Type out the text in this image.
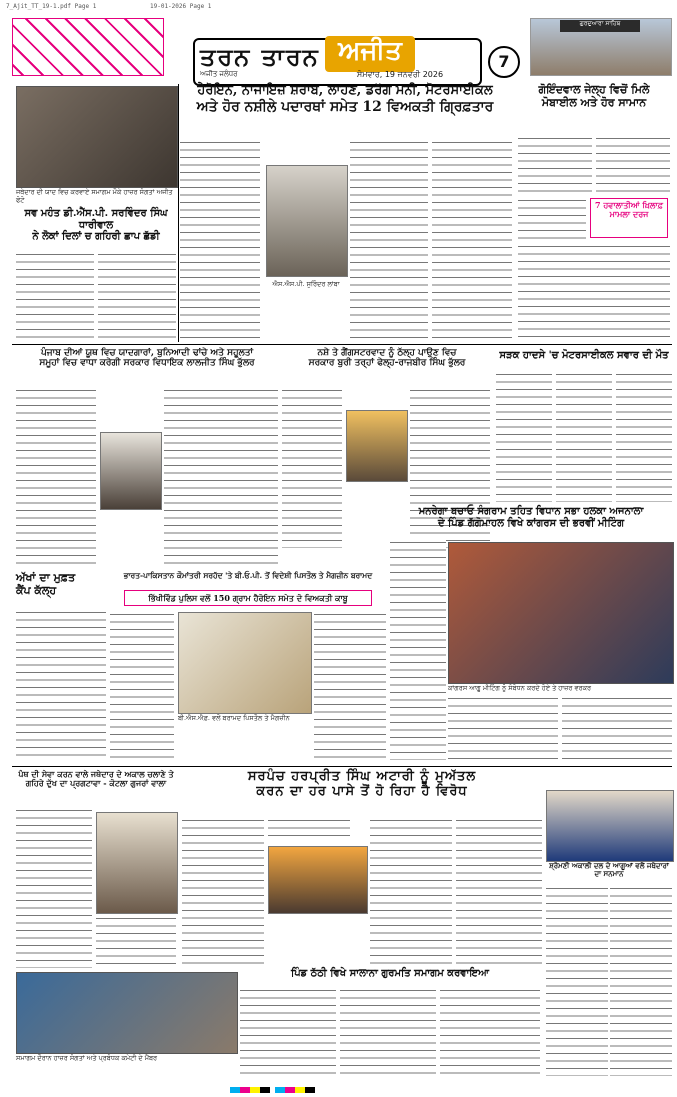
7_Ajit_TT_19-1.pdf Page 1	19-01-2026 Page 1
ਤਰਨ ਤਾਰਨ ਅਜੀਤ
ਅਜੀਤ ਜਲੰਧਰ	ਸੋਮਵਾਰ, 19 ਜਨਵਰੀ 2026
7
ਗੁਰਦੁਆਰਾ ਸਾਹਿਬ
ਜਥੇਦਾਰ ਦੀ ਯਾਦ ਵਿਚ ਕਰਵਾਏ ਸਮਾਗਮ ਮੌਕੇ ਹਾਜ਼ਰ ਸੰਗਤਾਂ ਅਜੀਤ ਫੋਟੋ
ਸਵ ਮਹੰਤ ਡੀ.ਐੱਸ.ਪੀ. ਸਰਵਿੰਦਰ ਸਿੰਘ ਧਾਰੀਵਾਲ
ਨੇ ਲੋਕਾਂ ਦਿਲਾਂ ਚ ਗਹਿਰੀ ਛਾਪ ਛੱਡੀ
ਹੈਰੋਇਨ, ਨਾਜਾਇਜ਼ ਸ਼ਰਾਬ, ਲਾਹਣ, ਡਰੱਗ ਮਨੀ, ਮੋਟਰਸਾਈਕਲ
ਅਤੇ ਹੋਰ ਨਸ਼ੀਲੇ ਪਦਾਰਥਾਂ ਸਮੇਤ 12 ਵਿਅਕਤੀ ਗ੍ਰਿਫ਼ਤਾਰ
ਐਸ.ਐਸ.ਪੀ. ਸੁਰਿੰਦਰ ਲਾਂਬਾ
ਗੋਇੰਦਵਾਲ ਜੇਲ੍ਹ ਵਿਚੋਂ ਮਿਲੇ
ਮੋਬਾਈਲ ਅਤੇ ਹੋਰ ਸਾਮਾਨ
7 ਹਵਾਲਾਤੀਆਂ ਖ਼ਿਲਾਫ਼ ਮਾਮਲਾ ਦਰਜ
ਪੰਜਾਬ ਦੀਆਂ ਯੂਥ ਵਿਚ ਯਾਦਗਾਰਾਂ, ਬੁਨਿਆਦੀ ਢਾਂਚੇ ਅਤੇ ਸਹੂਲਤਾਂ
ਸਮੂਹਾਂ ਵਿਚ ਵਾਧਾ ਕਰੇਗੀ ਸਰਕਾਰ ਵਿਧਾਇਕ ਲਾਲਜੀਤ ਸਿੰਘ ਭੁੱਲਰ
ਨਸ਼ੇ ਤੇ ਗੈਂਗਸਟਰਵਾਦ ਨੂੰ ਠੱਲ੍ਹ ਪਾਉਣ ਵਿਚ
ਸਰਕਾਰ ਬੁਰੀ ਤਰ੍ਹਾਂ ਫੇਲ੍ਹ-ਰਾਜਬੀਰ ਸਿੰਘ ਭੁੱਲਰ
ਸੜਕ ਹਾਦਸੇ 'ਚ ਮੋਟਰਸਾਈਕਲ ਸਵਾਰ ਦੀ ਮੌਤ
ਮਨਰੇਗਾ ਬਚਾਓ ਸੰਗਰਾਮ ਤਹਿਤ ਵਿਧਾਨ ਸਭਾ ਹਲਕਾ ਅਜਨਾਲਾ
ਦੇ ਪਿੰਡ ਗੱਗੋਮਾਹਲ ਵਿਖੇ ਕਾਂਗਰਸ ਦੀ ਭਰਵੀਂ ਮੀਟਿੰਗ
ਕਾਂਗਰਸ ਆਗੂ ਮੀਟਿੰਗ ਨੂੰ ਸੰਬੋਧਨ ਕਰਦੇ ਹੋਏ ਤੇ ਹਾਜ਼ਰ ਵਰਕਰ
ਅੱਖਾਂ ਦਾ ਮੁਫ਼ਤ
ਕੈਂਪ ਕੱਲ੍ਹ
ਭਾਰਤ-ਪਾਕਿਸਤਾਨ ਕੌਮਾਂਤਰੀ ਸਰਹੱਦ 'ਤੇ ਬੀ.ਓ.ਪੀ. ਤੋਂ ਵਿਦੇਸ਼ੀ ਪਿਸਤੌਲ ਤੇ ਮੈਗਜ਼ੀਨ ਬਰਾਮਦ
ਭਿੱਖੀਵਿੰਡ ਪੁਲਿਸ ਵਲੋਂ 150 ਗ੍ਰਾਮ ਹੈਰੋਇਨ ਸਮੇਤ ਦੋ ਵਿਅਕਤੀ ਕਾਬੂ
ਬੀ.ਐਸ.ਐਫ਼. ਵਲੋਂ ਬਰਾਮਦ ਪਿਸਤੌਲ ਤੇ ਮੈਗਜ਼ੀਨ
ਪੰਥ ਦੀ ਸੇਵਾ ਕਰਨ ਵਾਲੇ ਜਥੇਦਾਰ ਦੇ ਅਕਾਲ ਚਲਾਣੇ ਤੇ
ਗਹਿਰੇ ਦੁੱਖ ਦਾ ਪ੍ਰਗਟਾਵਾ - ਕੋਟਲਾ ਗੁਜਰਾਂ ਵਾਲਾ	ਸਰਪੰਚ ਹਰਪ੍ਰੀਤ ਸਿੰਘ ਅਟਾਰੀ ਨੂੰ ਮੁਅੱਤਲ
ਕਰਨ ਦਾ ਹਰ ਪਾਸੇ ਤੋਂ ਹੋ ਰਿਹਾ ਹੈ ਵਿਰੋਧ
ਸ਼੍ਰੋਮਣੀ ਅਕਾਲੀ ਦਲ ਦੇ ਆਗੂਆਂ ਵਲੋਂ ਜਥੇਦਾਰਾਂ ਦਾ ਸਨਮਾਨ
ਪਿੰਡ ਠੱਠੀ ਵਿਖੇ ਸਾਲਾਨਾ ਗੁਰਮਤਿ ਸਮਾਗਮ ਕਰਵਾਇਆ
ਸਮਾਗਮ ਦੌਰਾਨ ਹਾਜ਼ਰ ਸੰਗਤਾਂ ਅਤੇ ਪ੍ਰਬੰਧਕ ਕਮੇਟੀ ਦੇ ਮੈਂਬਰ
